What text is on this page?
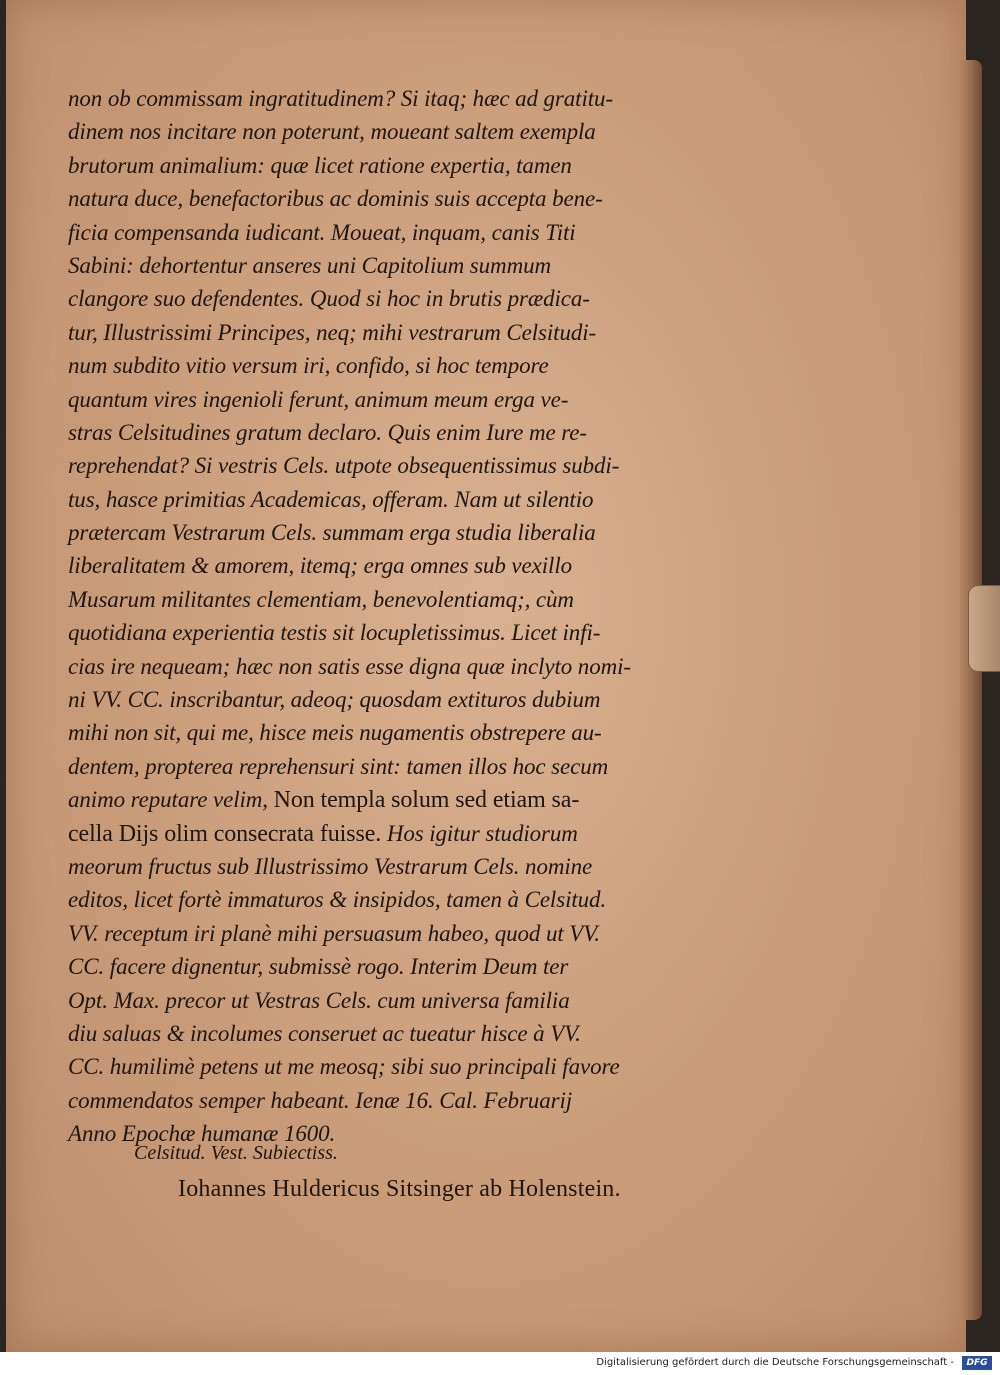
non ob commissam ingratitudinem? Si itaq; hæc ad gratitu-
dinem nos incitare non poterunt, moueant saltem exempla
brutorum animalium: quæ licet ratione expertia, tamen
natura duce, benefactoribus ac dominis suis accepta bene-
ficia compensanda iudicant. Moueat, inquam, canis Titi
Sabini: dehortentur anseres uni Capitolium summum
clangore suo defendentes. Quod si hoc in brutis prædica-
tur, Illustrissimi Principes, neq; mihi vestrarum Celsitudi-
num subdito vitio versum iri, confido, si hoc tempore
quantum vires ingenioli ferunt, animum meum erga ve-
stras Celsitudines gratum declaro. Quis enim Iure me re-
reprehendat? Si vestris Cels. utpote obsequentissimus subdi-
tus, hasce primitias Academicas, offeram. Nam ut silentio
prætercam Vestrarum Cels. summam erga studia liberalia
liberalitatem & amorem, itemq; erga omnes sub vexillo
Musarum militantes clementiam, benevolentiamq;, cùm
quotidiana experientia testis sit locupletissimus. Licet infi-
cias ire nequeam; hæc non satis esse digna quæ inclyto nomi-
ni VV. CC. inscribantur, adeoq; quosdam extituros dubium
mihi non sit, qui me, hisce meis nugamentis obstrepere au-
dentem, propterea reprehensuri sint: tamen illos hoc secum
animo reputare velim, Non templa solum sed etiam sa-
cella Dijs olim consecrata fuisse. Hos igitur studiorum
meorum fructus sub Illustrissimo Vestrarum Cels. nomine
editos, licet fortè immaturos & insipidos, tamen à Celsitud.
VV. receptum iri planè mihi persuasum habeo, quod ut VV.
CC. facere dignentur, submissè rogo. Interim Deum ter
Opt. Max. precor ut Vestras Cels. cum universa familia
diu saluas & incolumes conseruet ac tueatur hisce à VV.
CC. humilimè petens ut me meosq; sibi suo principali favore
commendatos semper habeant. Ienæ 16. Cal. Februarij
Anno Epochæ humanæ 1600.
Celsitud. Vest. Subiectiss.
Iohannes Huldericus Sitsinger ab Holenstein.
Digitalisierung gefördert durch die Deutsche Forschungsgemeinschaft -	DFG
